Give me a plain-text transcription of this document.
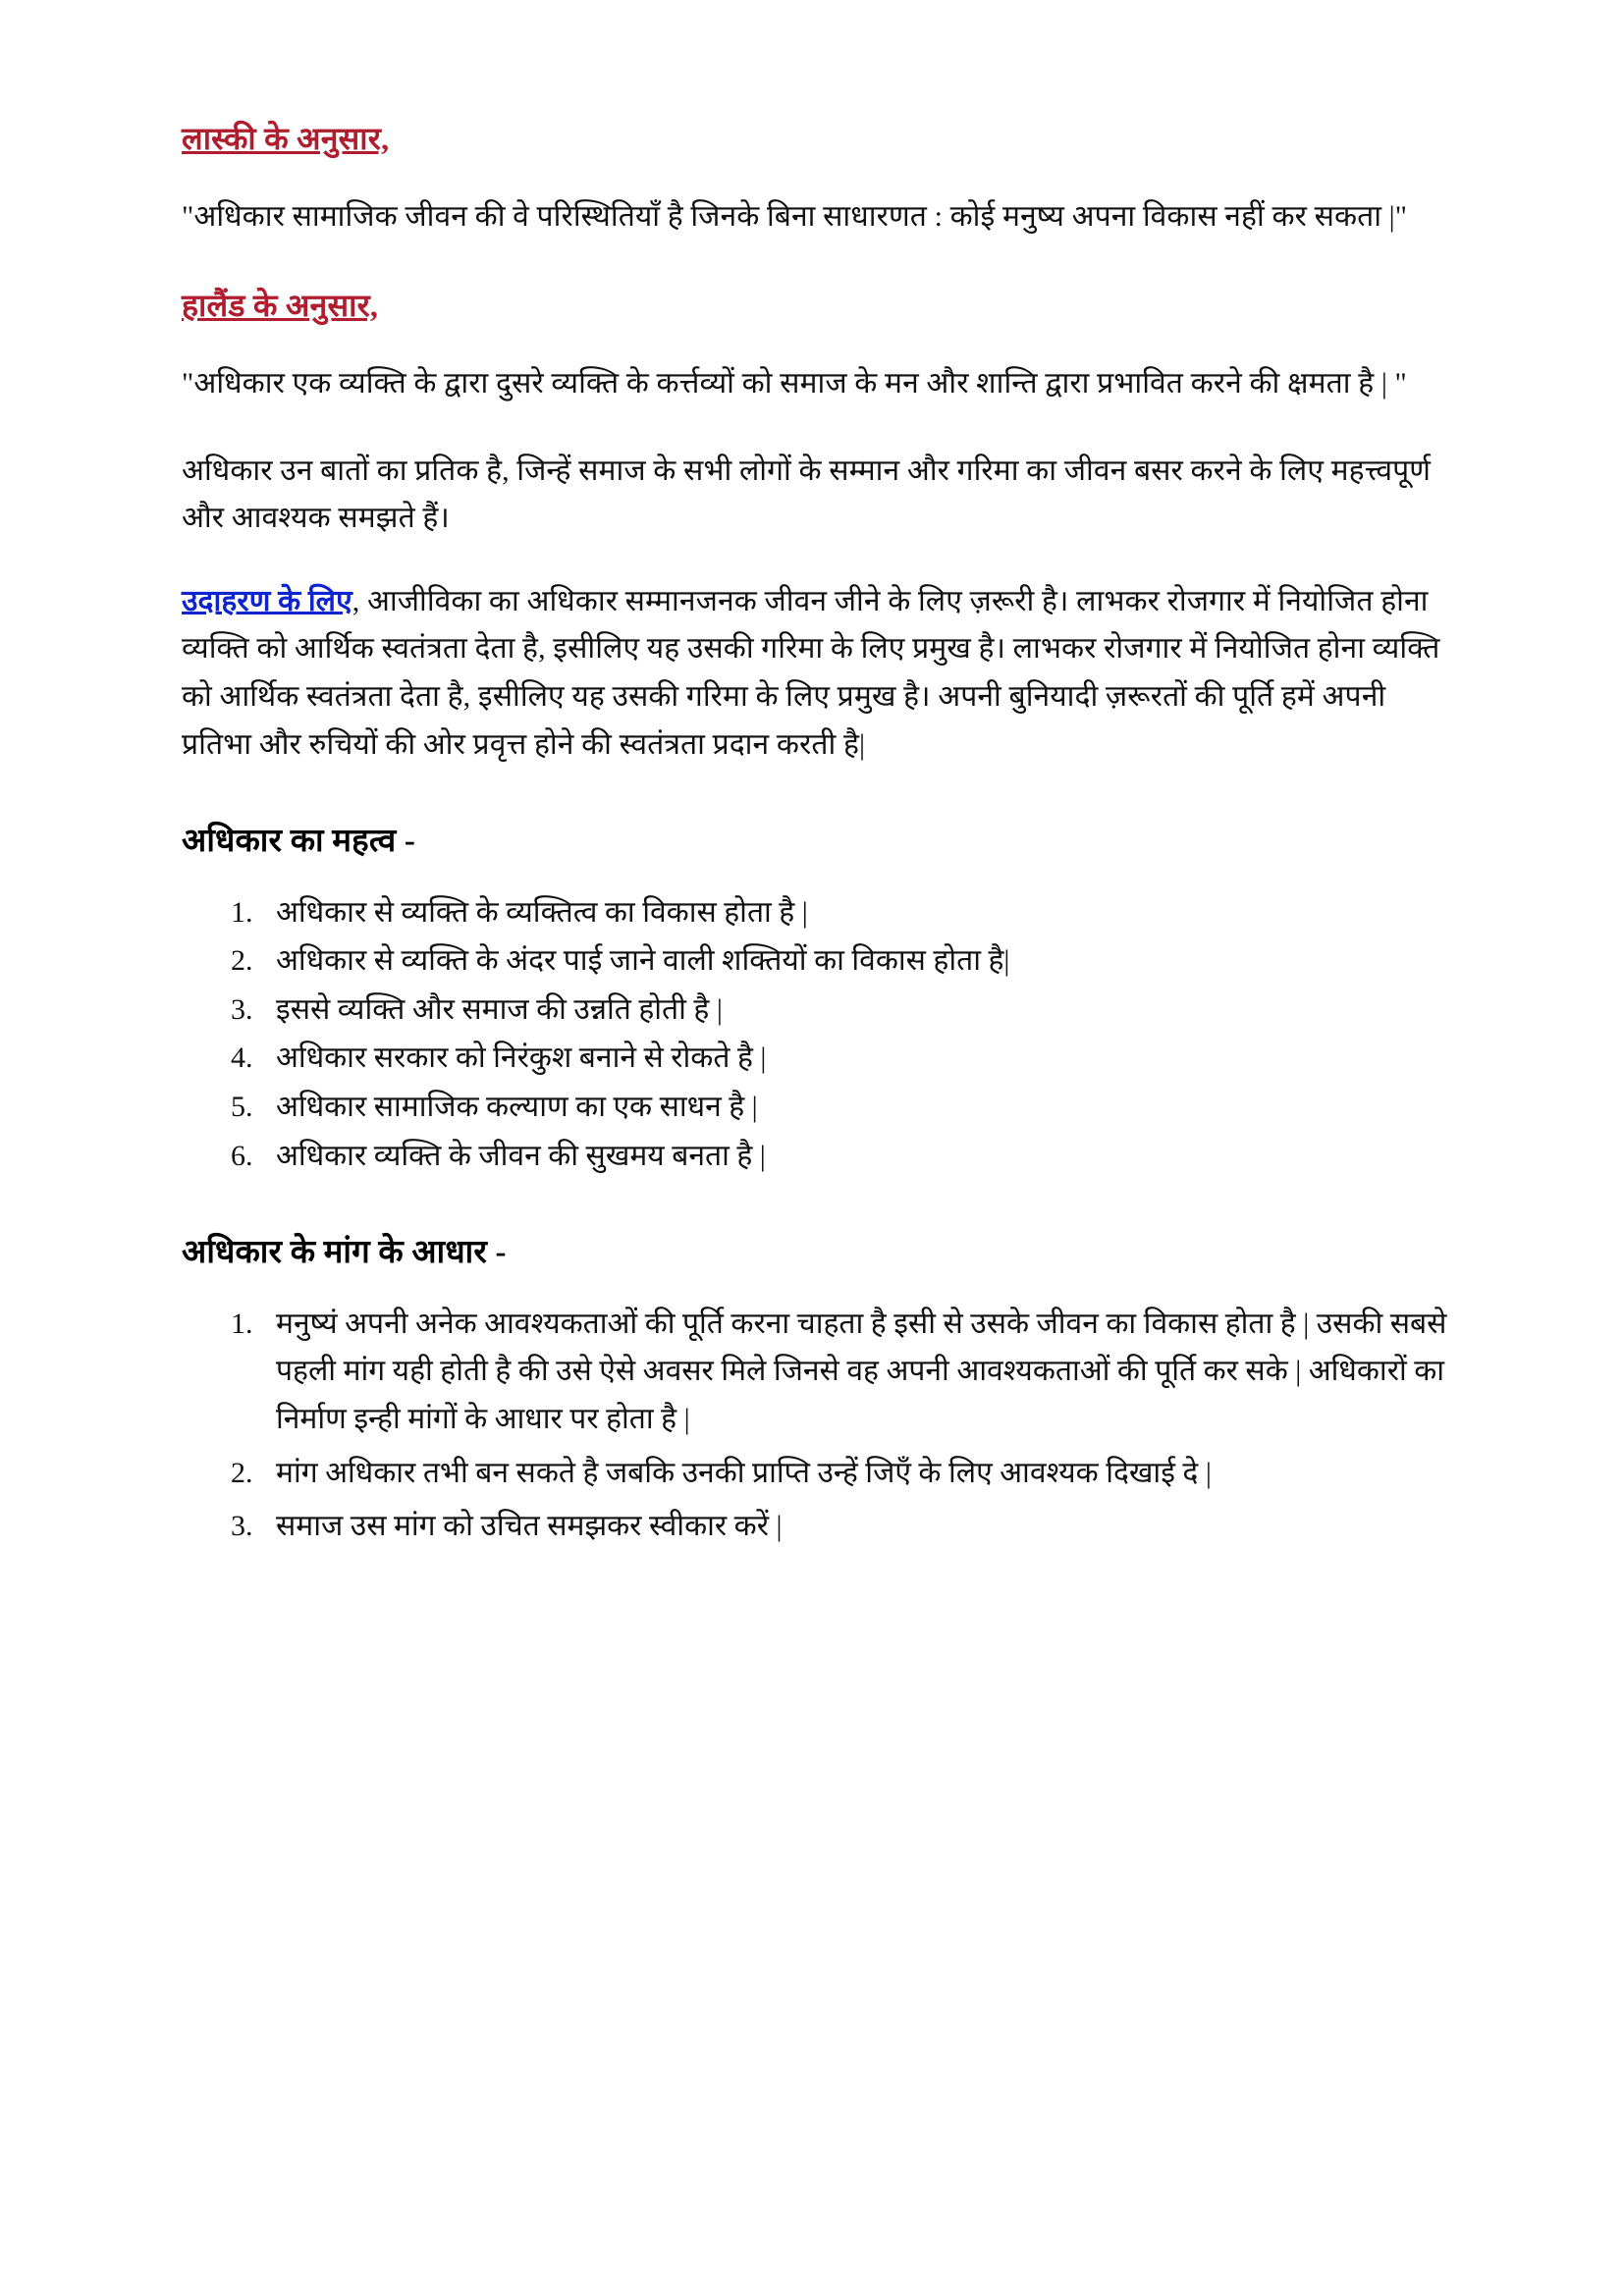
लास्की के अनुसार,

"अधिकार सामाजिक जीवन की वे परिस्थितियाँ है जिनके बिना साधारणत : कोई मनुष्य अपना विकास नहीं कर सकता |"

हालैंड के अनुसार,

"अधिकार एक व्यक्ति के द्वारा दुसरे व्यक्ति के कर्त्तव्यों को समाज के मन और शान्ति द्वारा प्रभावित करने की क्षमता है | "

अधिकार उन बातों का प्रतिक है, जिन्हें समाज के सभी लोगों के सम्मान और गरिमा का जीवन बसर करने के लिए महत्त्वपूर्ण और आवश्यक समझते हैं।

उदाहरण के लिए, आजीविका का अधिकार सम्मानजनक जीवन जीने के लिए ज़रूरी है। लाभकर रोजगार में नियोजित होना व्यक्ति को आर्थिक स्वतंत्रता देता है, इसीलिए यह उसकी गरिमा के लिए प्रमुख है। लाभकर रोजगार में नियोजित होना व्यक्ति को आर्थिक स्वतंत्रता देता है, इसीलिए यह उसकी गरिमा के लिए प्रमुख है। अपनी बुनियादी ज़रूरतों की पूर्ति हमें अपनी प्रतिभा और रुचियों की ओर प्रवृत्त होने की स्वतंत्रता प्रदान करती है|

अधिकार का महत्व -
1. अधिकार से व्यक्ति के व्यक्तित्व का विकास होता है |
2. अधिकार से व्यक्ति के अंदर पाई जाने वाली शक्तियों का विकास होता है|
3. इससे व्यक्ति और समाज की उन्नति होती है |
4. अधिकार सरकार को निरंकुश बनाने से रोकते है |
5. अधिकार सामाजिक कल्याण का एक साधन है |
6. अधिकार व्यक्ति के जीवन की सुखमय बनता है |
अधिकार के मांग के आधार -
1. मनुष्यं अपनी अनेक आवश्यकताओं की पूर्ति करना चाहता है इसी से उसके जीवन का विकास होता है | उसकी सबसे पहली मांग यही होती है की उसे ऐसे अवसर मिले जिनसे वह अपनी आवश्यकताओं की पूर्ति कर सके | अधिकारों का निर्माण इन्ही मांगों के आधार पर होता है |
2. मांग अधिकार तभी बन सकते है जबकि उनकी प्राप्ति उन्हें जिएँ के लिए आवश्यक दिखाई दे |
3. समाज उस मांग को उचित समझकर स्वीकार करें |
